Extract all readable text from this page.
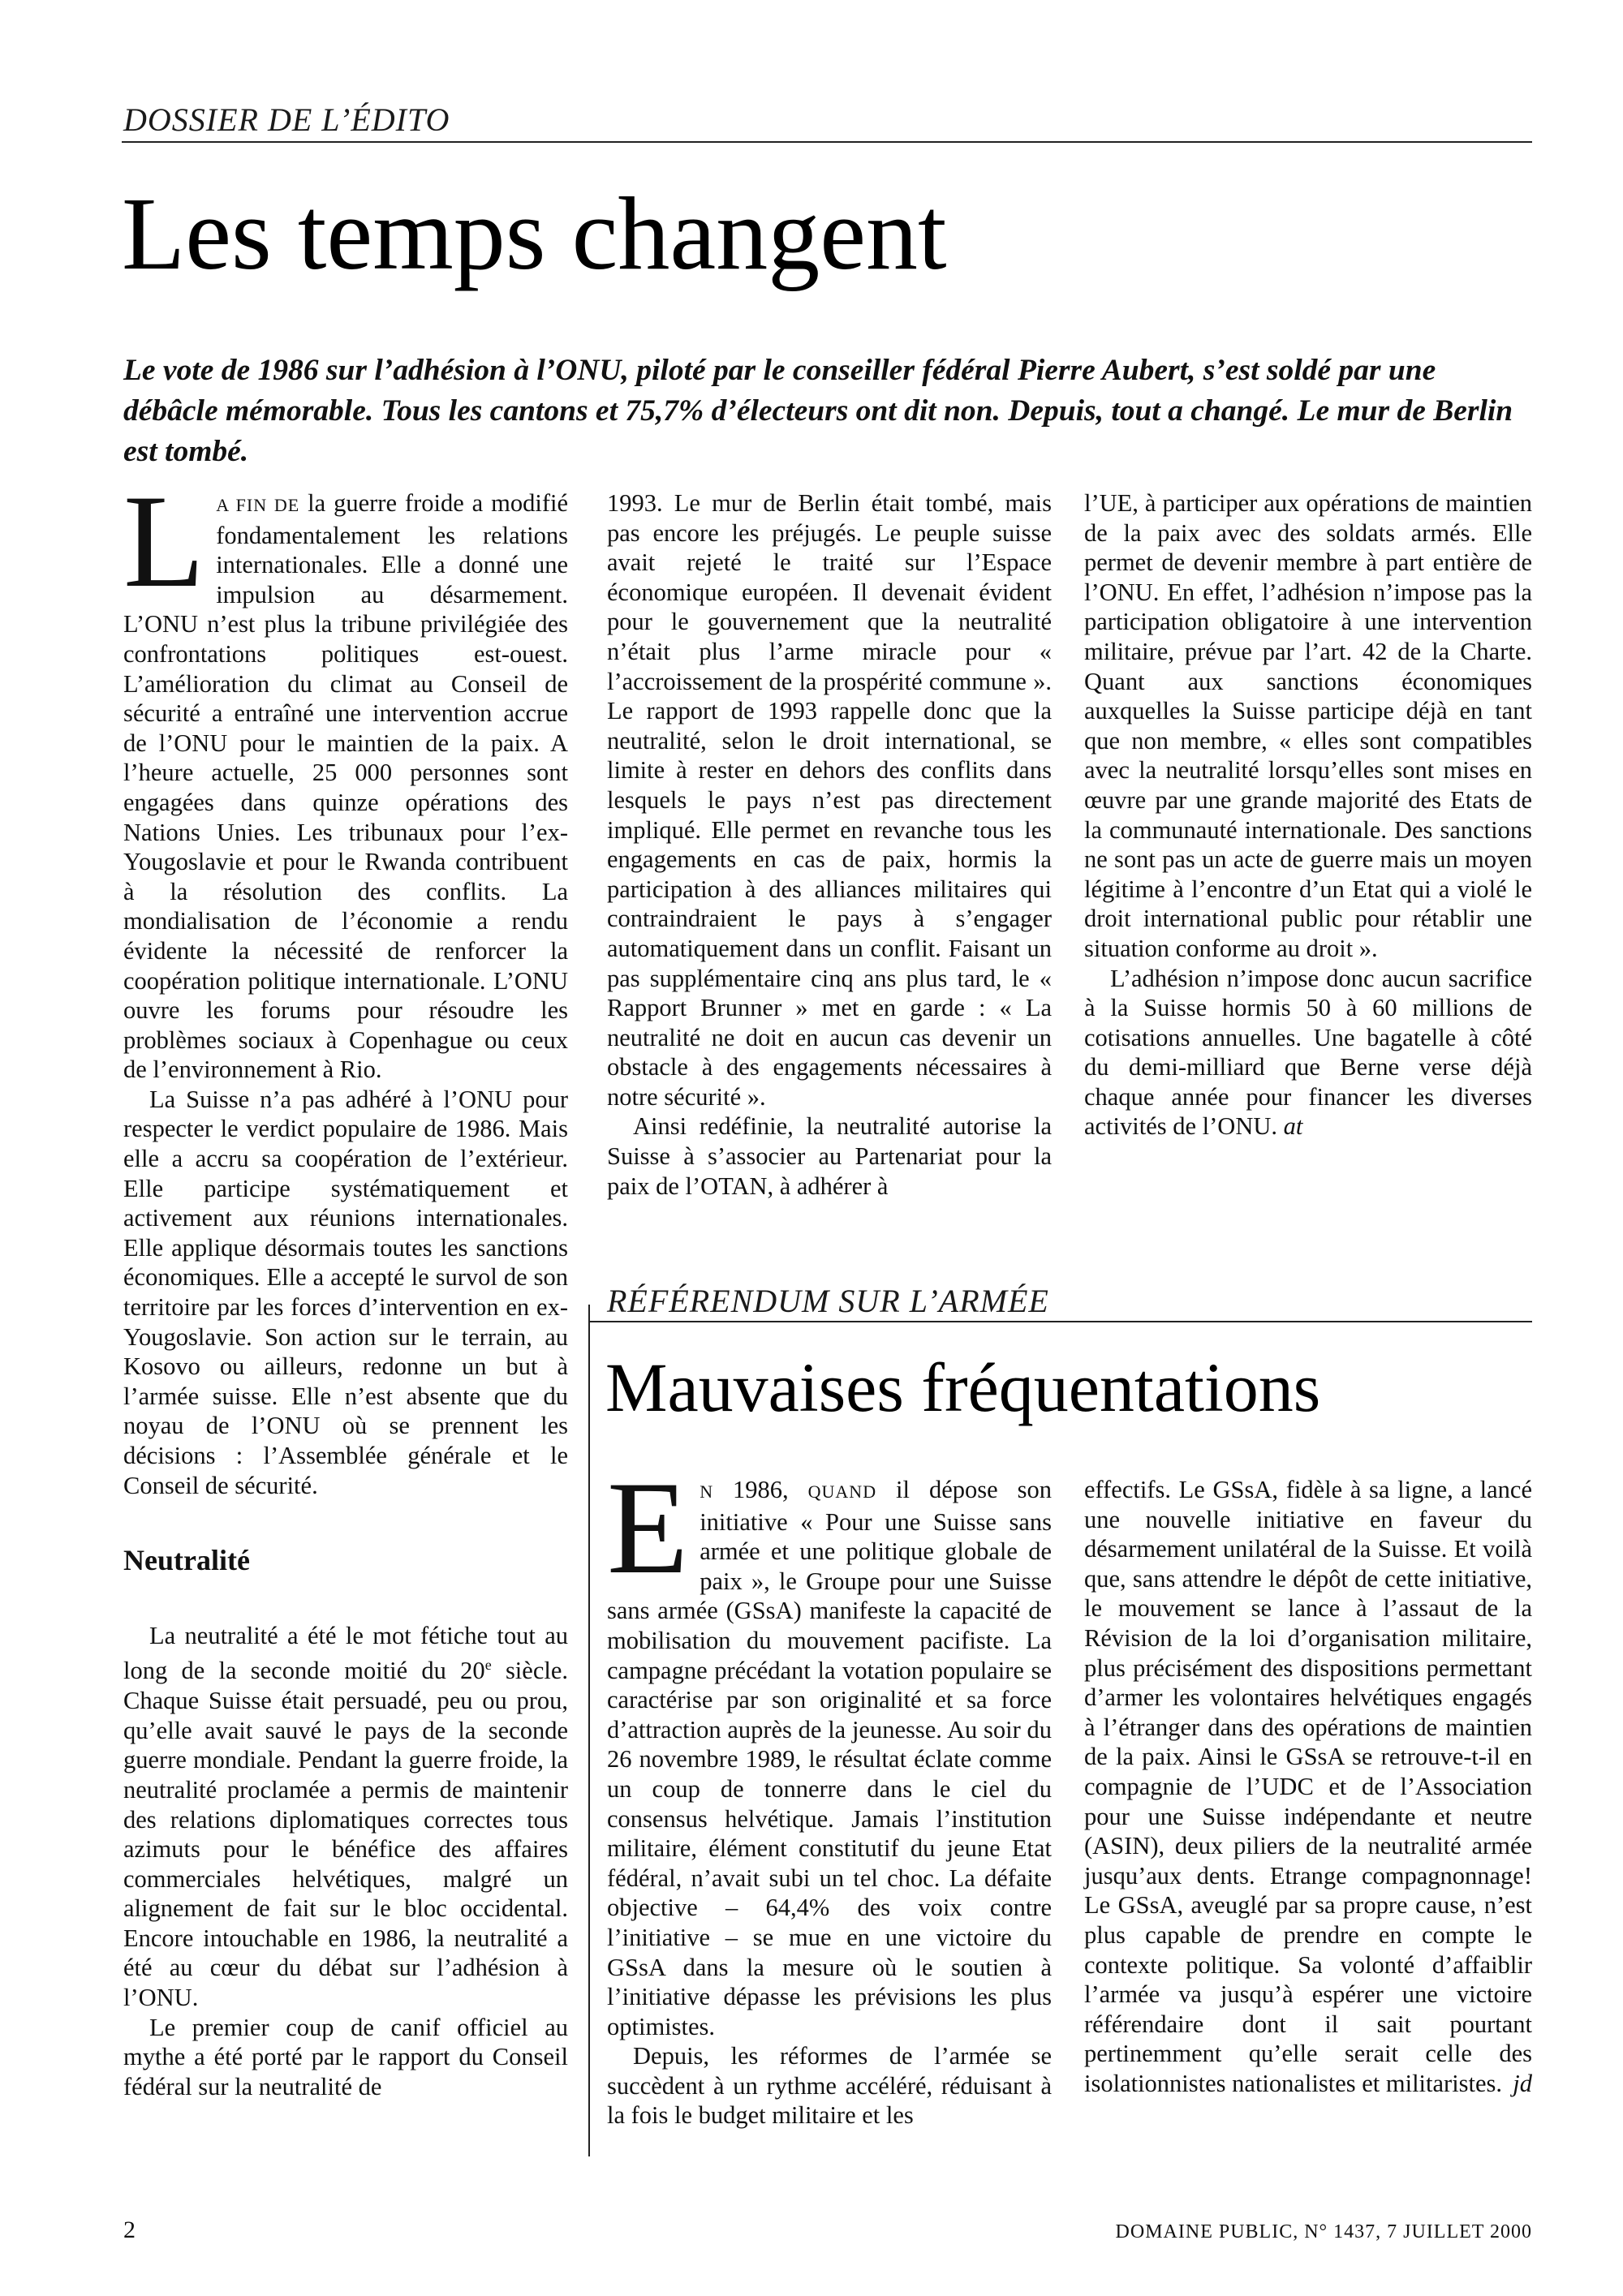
DOSSIER DE L’ÉDITO
Les temps changent
Le vote de 1986 sur l’adhésion à l’ONU, piloté par le conseiller fédéral Pierre Aubert, s’est soldé par une débâcle mémorable. Tous les cantons et 75,7% d’électeurs ont dit non. Depuis, tout a changé. Le mur de Berlin est tombé.

L A FIN DE la guerre froide a modifié fondamentalement les relations internationales. Elle a donné une impulsion au désarmement. L’ONU n’est plus la tribune privilégiée des confrontations politiques est-ouest. L’amélioration du climat au Conseil de sécurité a entraîné une intervention accrue de l’ONU pour le maintien de la paix. A l’heure actuelle, 25 000 personnes sont engagées dans quinze opérations des Nations Unies. Les tribunaux pour l’ex-Yougoslavie et pour le Rwanda contribuent à la résolution des conflits. La mondialisation de l’économie a rendu évidente la nécessité de renforcer la coopération politique internationale. L’ONU ouvre les forums pour résoudre les problèmes sociaux à Copenhague ou ceux de l’environnement à Rio.

La Suisse n’a pas adhéré à l’ONU pour respecter le verdict populaire de 1986. Mais elle a accru sa coopération de l’extérieur. Elle participe systématiquement et activement aux réunions internationales. Elle applique désormais toutes les sanctions économiques. Elle a accepté le survol de son territoire par les forces d’intervention en ex-Yougoslavie. Son action sur le terrain, au Kosovo ou ailleurs, redonne un but à l’armée suisse. Elle n’est absente que du noyau de l’ONU où se prennent les décisions : l’Assemblée générale et le Conseil de sécurité.

Neutralité

La neutralité a été le mot fétiche tout au long de la seconde moitié du 20e siècle. Chaque Suisse était persuadé, peu ou prou, qu’elle avait sauvé le pays de la seconde guerre mondiale. Pendant la guerre froide, la neutralité proclamée a permis de maintenir des relations diplomatiques correctes tous azimuts pour le bénéfice des affaires commerciales helvétiques, malgré un alignement de fait sur le bloc occidental. Encore intouchable en 1986, la neutralité a été au cœur du débat sur l’adhésion à l’ONU.

Le premier coup de canif officiel au mythe a été porté par le rapport du Conseil fédéral sur la neutralité de

1993. Le mur de Berlin était tombé, mais pas encore les préjugés. Le peuple suisse avait rejeté le traité sur l’Espace économique européen. Il devenait évident pour le gouvernement que la neutralité n’était plus l’arme miracle pour « l’accroissement de la prospérité commune ». Le rapport de 1993 rappelle donc que la neutralité, selon le droit international, se limite à rester en dehors des conflits dans lesquels le pays n’est pas directement impliqué. Elle permet en revanche tous les engagements en cas de paix, hormis la participation à des alliances militaires qui contraindraient le pays à s’engager automatiquement dans un conflit. Faisant un pas supplémentaire cinq ans plus tard, le « Rapport Brunner » met en garde : « La neutralité ne doit en aucun cas devenir un obstacle à des engagements nécessaires à notre sécurité ».

Ainsi redéfinie, la neutralité autorise la Suisse à s’associer au Partenariat pour la paix de l’OTAN, à adhérer à

l’UE, à participer aux opérations de maintien de la paix avec des soldats armés. Elle permet de devenir membre à part entière de l’ONU. En effet, l’adhésion n’impose pas la participation obligatoire à une intervention militaire, prévue par l’art. 42 de la Charte. Quant aux sanctions économiques auxquelles la Suisse participe déjà en tant que non membre, « elles sont compatibles avec la neutralité lorsqu’elles sont mises en œuvre par une grande majorité des Etats de la communauté internationale. Des sanctions ne sont pas un acte de guerre mais un moyen légitime à l’encontre d’un Etat qui a violé le droit international public pour rétablir une situation conforme au droit ».

L’adhésion n’impose donc aucun sacrifice à la Suisse hormis 50 à 60 millions de cotisations annuelles. Une bagatelle à côté du demi-milliard que Berne verse déjà chaque année pour financer les diverses activités de l’ONU. at

RÉFÉRENDUM SUR L’ARMÉE
Mauvaises fréquentations

E N 1986, QUAND il dépose son initiative « Pour une Suisse sans armée et une politique globale de paix », le Groupe pour une Suisse sans armée (GSsA) manifeste la capacité de mobilisation du mouvement pacifiste. La campagne précédant la votation populaire se caractérise par son originalité et sa force d’attraction auprès de la jeunesse. Au soir du 26 novembre 1989, le résultat éclate comme un coup de tonnerre dans le ciel du consensus helvétique. Jamais l’institution militaire, élément constitutif du jeune Etat fédéral, n’avait subi un tel choc. La défaite objective – 64,4% des voix contre l’initiative – se mue en une victoire du GSsA dans la mesure où le soutien à l’initiative dépasse les prévisions les plus optimistes.

Depuis, les réformes de l’armée se succèdent à un rythme accéléré, réduisant à la fois le budget militaire et les

effectifs. Le GSsA, fidèle à sa ligne, a lancé une nouvelle initiative en faveur du désarmement unilatéral de la Suisse. Et voilà que, sans attendre le dépôt de cette initiative, le mouvement se lance à l’assaut de la Révision de la loi d’organisation militaire, plus précisément des dispositions permettant d’armer les volontaires helvétiques engagés à l’étranger dans des opérations de maintien de la paix. Ainsi le GSsA se retrouve-t-il en compagnie de l’UDC et de l’Association pour une Suisse indépendante et neutre (ASIN), deux piliers de la neutralité armée jusqu’aux dents. Etrange compagnonnage! Le GSsA, aveuglé par sa propre cause, n’est plus capable de prendre en compte le contexte politique. Sa volonté d’affaiblir l’armée va jusqu’à espérer une victoire référendaire dont il sait pourtant pertinemment qu’elle serait celle des isolationnistes nationalistes et militaristes. jd

2	DOMAINE PUBLIC, N° 1437, 7 JUILLET 2000
